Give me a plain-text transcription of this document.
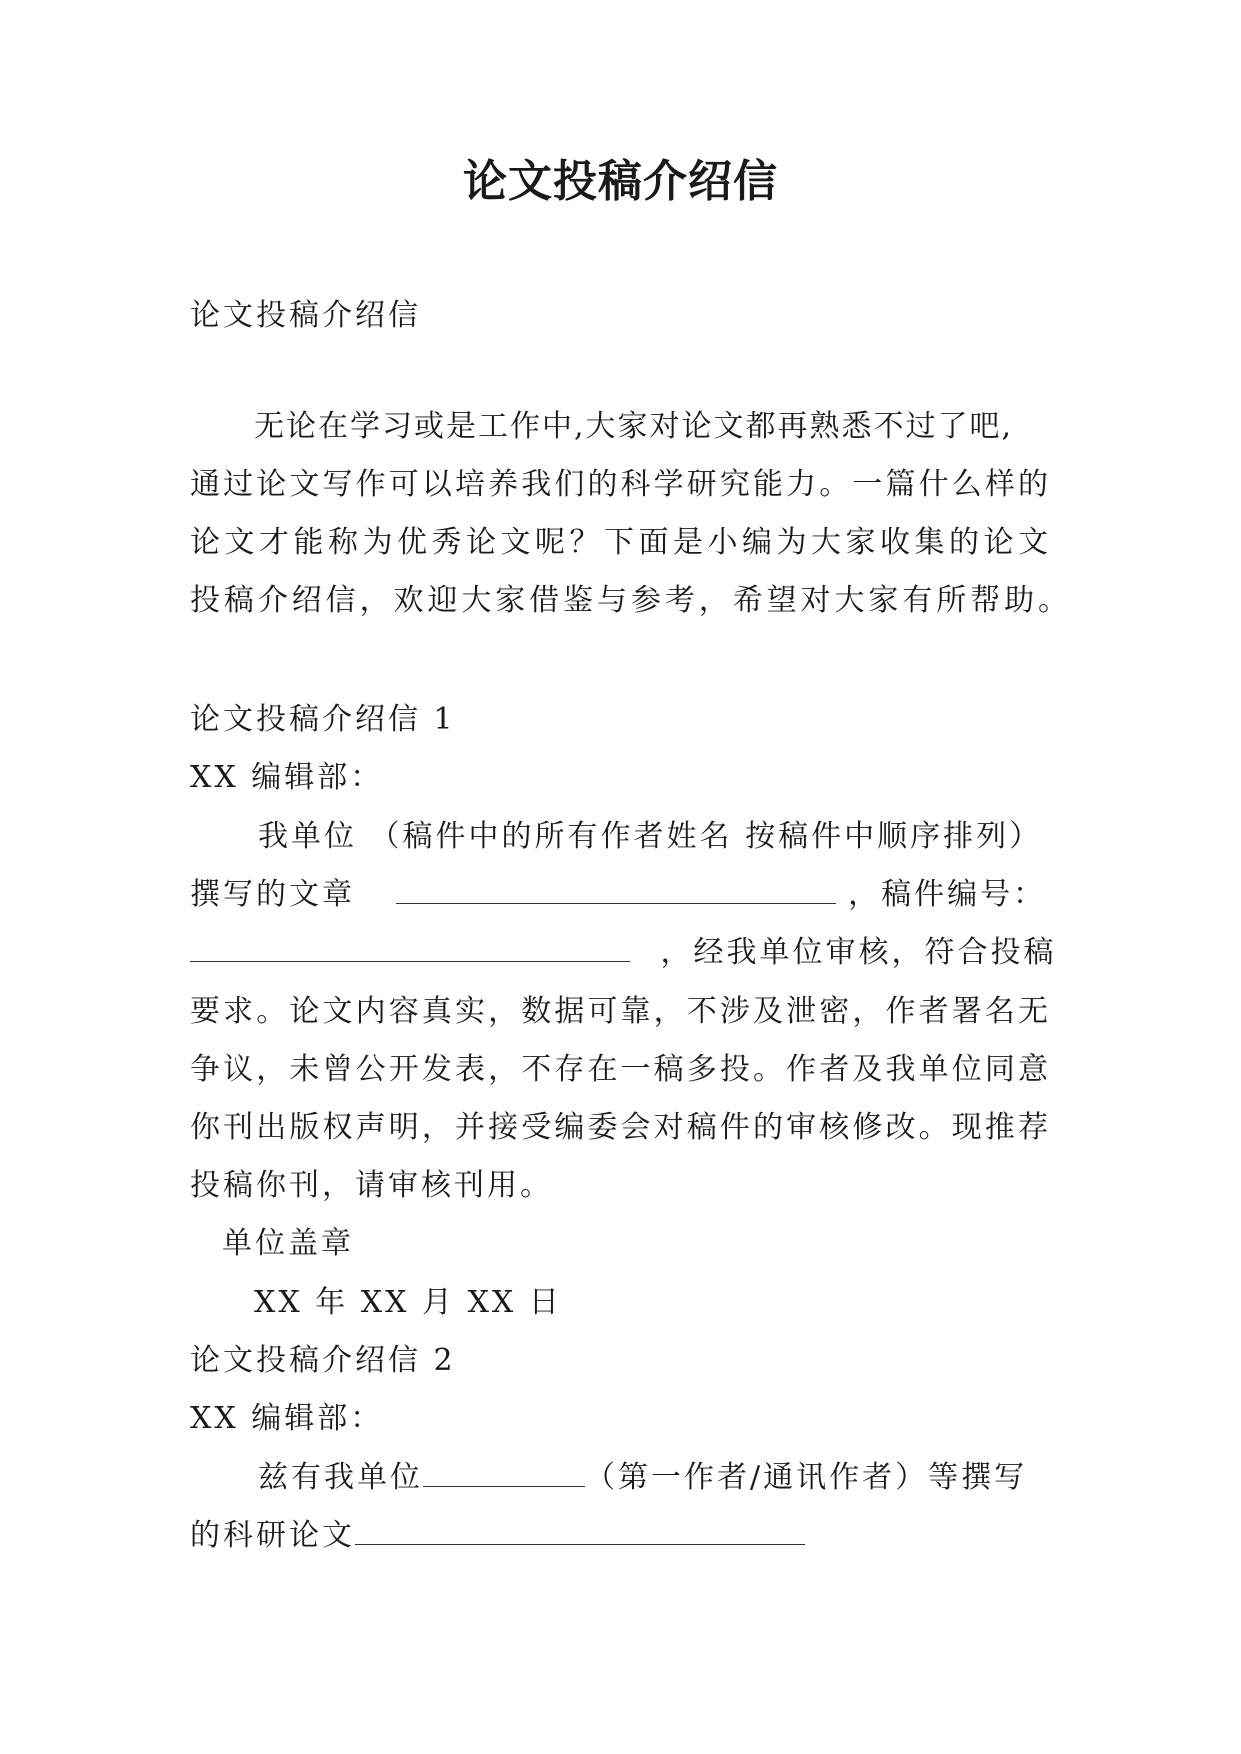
论文投稿介绍信
论文投稿介绍信
无论在学习或是工作中,大家对论文都再熟悉不过了吧,
通过论文写作可以培养我们的科学研究能力。一篇什么样的
论文才能称为优秀论文呢？下面是小编为大家收集的论文
投稿介绍信，欢迎大家借鉴与参考，希望对大家有所帮助。
论文投稿介绍信 1
XX 编辑部：
我单位 （稿件中的所有作者姓名 按稿件中顺序排列）
撰写的文章	，稿件编号：
，经我单位审核，符合投稿
要求。论文内容真实，数据可靠，不涉及泄密，作者署名无
争议，未曾公开发表，不存在一稿多投。作者及我单位同意
你刊出版权声明，并接受编委会对稿件的审核修改。现推荐
投稿你刊，请审核刊用。
单位盖章
XX 年 XX 月 XX 日
论文投稿介绍信 2
XX 编辑部：
兹有我单位	（第一作者/通讯作者）等撰写
的科研论文
